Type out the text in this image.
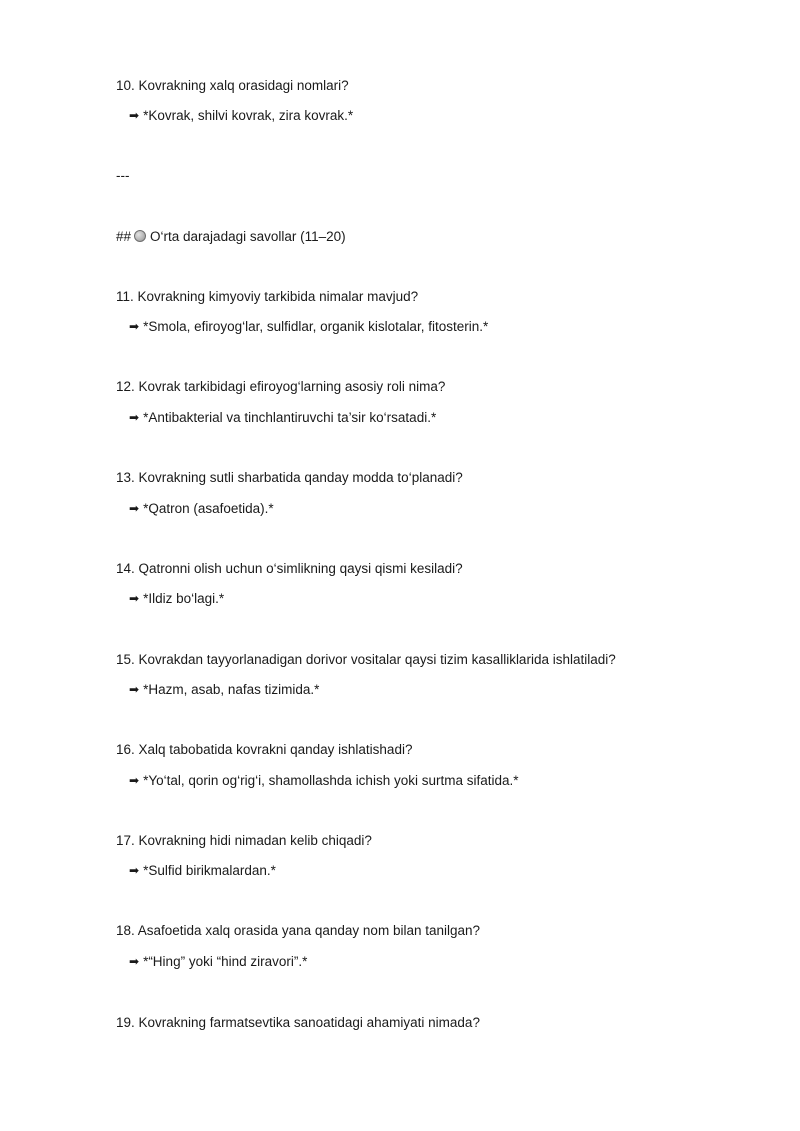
10. Kovrakning xalq orasidagi nomlari?
➡ *Kovrak, shilvi kovrak, zira kovrak.*
---
## O‘rta darajadagi savollar (11–20)
11. Kovrakning kimyoviy tarkibida nimalar mavjud?
➡ *Smola, efiroyog‘lar, sulfidlar, organik kislotalar, fitosterin.*
12. Kovrak tarkibidagi efiroyog‘larning asosiy roli nima?
➡ *Antibakterial va tinchlantiruvchi ta’sir ko‘rsatadi.*
13. Kovrakning sutli sharbatida qanday modda to‘planadi?
➡ *Qatron (asafoetida).*
14. Qatronni olish uchun o‘simlikning qaysi qismi kesiladi?
➡ *Ildiz bo‘lagi.*
15. Kovrakdan tayyorlanadigan dorivor vositalar qaysi tizim kasalliklarida ishlatiladi?
➡ *Hazm, asab, nafas tizimida.*
16. Xalq tabobatida kovrakni qanday ishlatishadi?
➡ *Yo‘tal, qorin og‘rig‘i, shamollashda ichish yoki surtma sifatida.*
17. Kovrakning hidi nimadan kelib chiqadi?
➡ *Sulfid birikmalardan.*
18. Asafoetida xalq orasida yana qanday nom bilan tanilgan?
➡ *“Hing” yoki “hind ziravori”.*
19. Kovrakning farmatsevtika sanoatidagi ahamiyati nimada?
